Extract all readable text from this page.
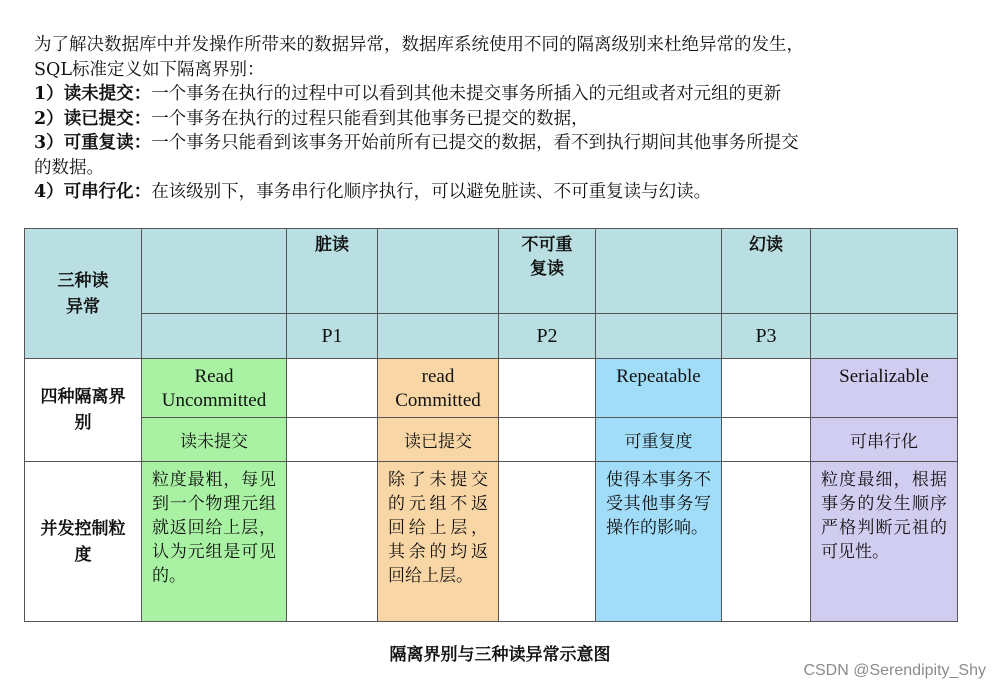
为了解决数据库中并发操作所带来的数据异常，数据库系统使用不同的隔离级别来杜绝异常的发生，
SQL标准定义如下隔离界别：
1）读未提交：一个事务在执行的过程中可以看到其他未提交事务所插入的元组或者对元组的更新
2）读已提交：一个事务在执行的过程只能看到其他事务已提交的数据，
3）可重复读：一个事务只能看到该事务开始前所有已提交的数据，看不到执行期间其他事务所提交
的数据。
4）可串行化：在该级别下，事务串行化顺序执行，可以避免脏读、不可重复读与幻读。
三种读异常		脏读		不可重复读		幻读	

		P1		P2		P3	

四种隔离界别	Read Uncommitted		read Committed		Repeatable		Serializable
	读未提交		读已提交		可重复度		可串行化

并发控制粒度	粒度最粗，每见到一个物理元组就返回给上层，认为元组是可见的。		除了未提交的元组不返回给上层，其余的均返回给上层。		使得本事务不受其他事务写操作的影响。		粒度最细，根据事务的发生顺序严格判断元祖的可见性。
隔离界别与三种读异常示意图
CSDN @Serendipity_Shy
